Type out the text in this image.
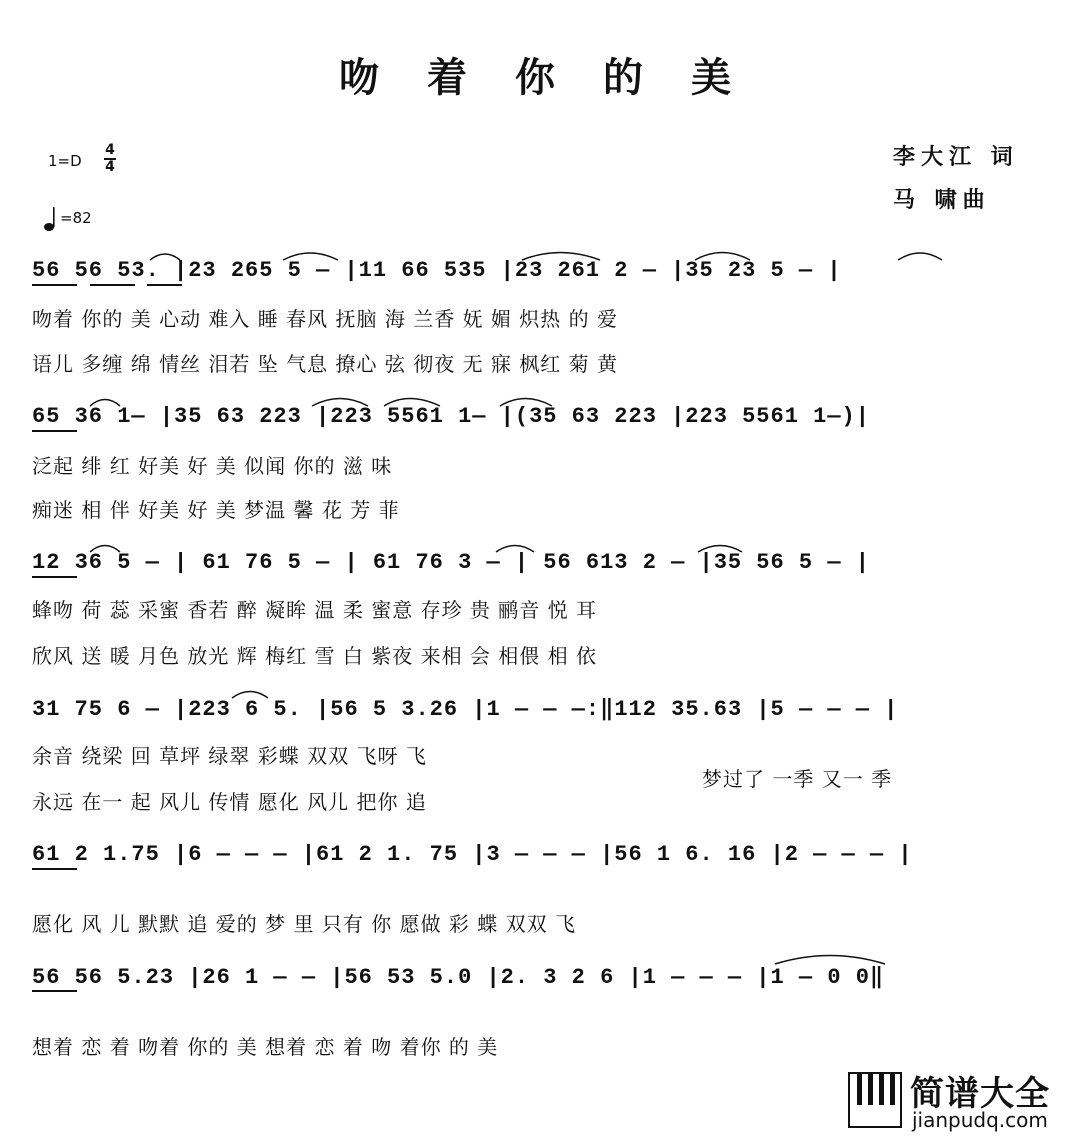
吻着你的美
李大江 词
马 啸曲
1=D
4
4
=82
56 56 53. |23 265 5 — |11 66 535 |23 261 2 — |35 23 5 — |
吻着 你的 美 心动 难入 睡 春风 抚脑 海 兰香 妩 媚 炽热 的 爱
语儿 多缠 绵 情丝 泪若 坠 气息 撩心 弦 彻夜 无 寐 枫红 菊 黄
65 36 1— |35 63 223 |223 5561 1— |(35 63 223 |223 5561 1—)|
泛起 绯 红 好美 好 美 似闻 你的 滋 味
痴迷 相 伴 好美 好 美 梦温 馨 花 芳 菲
12 36 5 — | 61 76 5 — | 61 76 3 — | 56 613 2 — |35 56 5 — |
蜂吻 荷 蕊 采蜜 香若 醉 凝眸 温 柔 蜜意 存珍 贵 鹂音 悦 耳
欣风 送 暖 月色 放光 辉 梅红 雪 白 紫夜 来相 会 相偎 相 依
31 75 6 — |223 6 5. |56 5 3.26 |1 — — —:‖112 35.63 |5 — — — |
余音 绕梁 回 草坪 绿翠 彩蝶 双双 飞呀 飞
永远 在一 起 风儿 传情 愿化 风儿 把你 追
梦过了 一季 又一 季
61 2 1.75 |6 — — — |61 2 1. 75 |3 — — — |56 1 6. 16 |2 — — — |
愿化 风 儿 默默 追 爱的 梦 里 只有 你 愿做 彩 蝶 双双 飞
56 56 5.23 |26 1 — — |56 53 5.0 |2. 3 2 6 |1 — — — |1 — 0 0‖
想着 恋 着 吻着 你的 美 想着 恋 着 吻 着你 的 美
简谱大全
jianpudq.com
